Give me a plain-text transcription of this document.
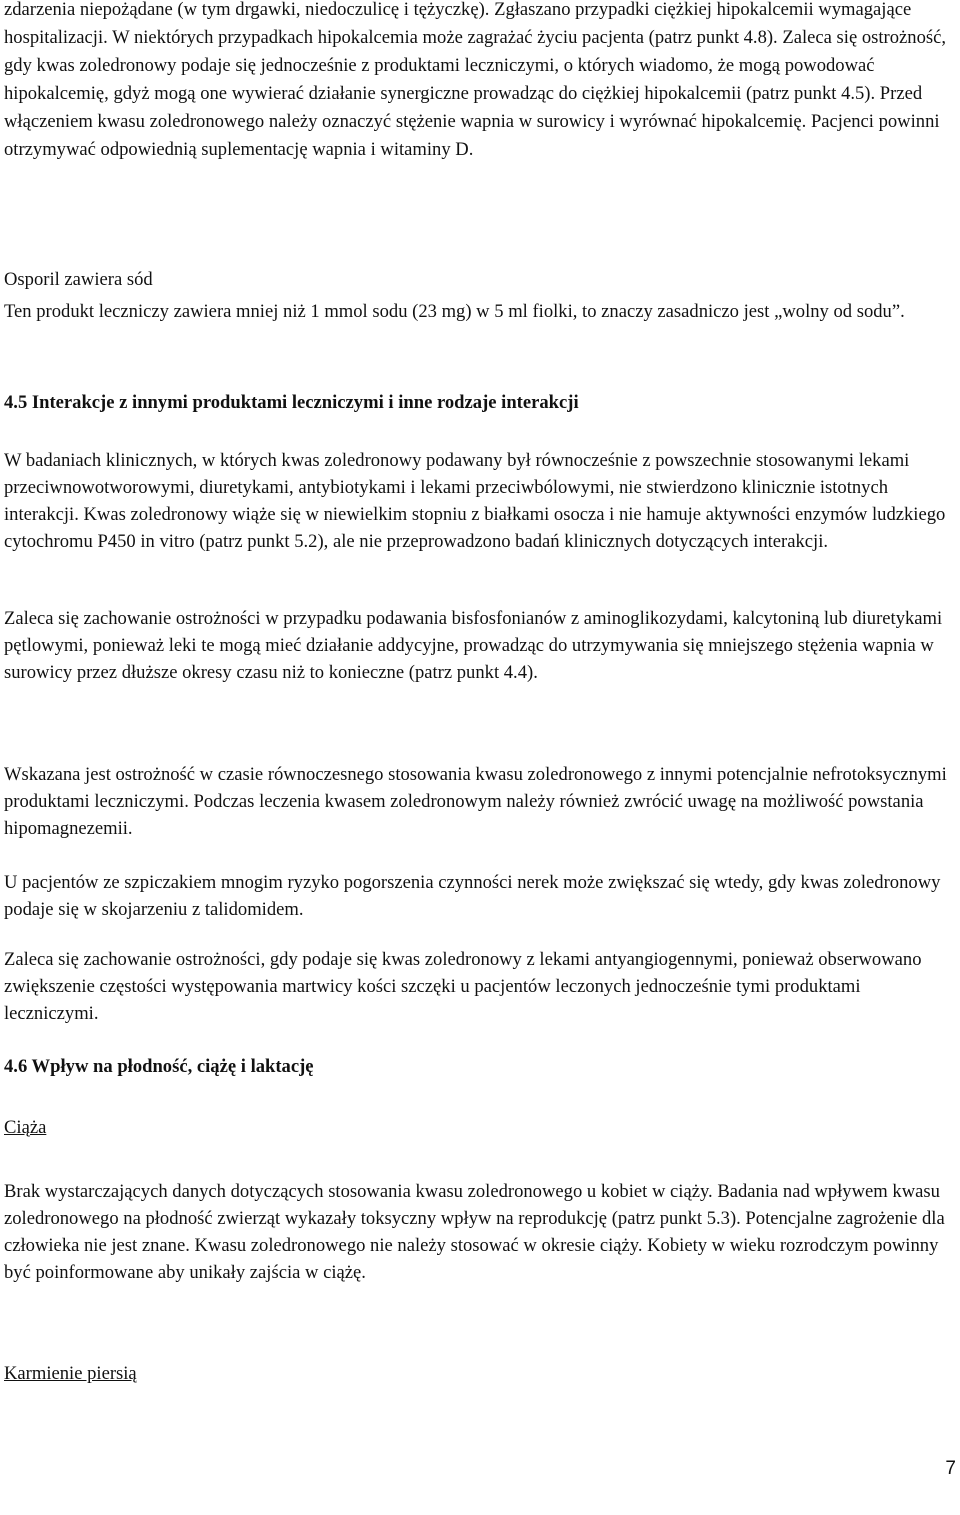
zdarzenia niepożądane (w tym drgawki, niedoczulicę i tężyczkę). Zgłaszano przypadki ciężkiej hipokalcemii wymagające hospitalizacji. W niektórych przypadkach hipokalcemia może zagrażać życiu pacjenta (patrz punkt 4.8). Zaleca się ostrożność, gdy kwas zoledronowy podaje się jednocześnie z produktami leczniczymi, o których wiadomo, że mogą powodować hipokalcemię, gdyż mogą one wywierać działanie synergiczne prowadząc do ciężkiej hipokalcemii (patrz punkt 4.5). Przed włączeniem kwasu zoledronowego należy oznaczyć stężenie wapnia w surowicy i wyrównać hipokalcemię. Pacjenci powinni otrzymywać odpowiednią suplementację wapnia i witaminy D.

Osporil zawiera sód

Ten produkt leczniczy zawiera mniej niż 1 mmol sodu (23 mg) w 5 ml fiolki, to znaczy zasadniczo jest „wolny od sodu”.

4.5 Interakcje z innymi produktami leczniczymi i inne rodzaje interakcji

W badaniach klinicznych, w których kwas zoledronowy podawany był równocześnie z powszechnie stosowanymi lekami przeciwnowotworowymi, diuretykami, antybiotykami i lekami przeciwbólowymi, nie stwierdzono klinicznie istotnych interakcji. Kwas zoledronowy wiąże się w niewielkim stopniu z białkami osocza i nie hamuje aktywności enzymów ludzkiego cytochromu P450 in vitro (patrz punkt 5.2), ale nie przeprowadzono badań klinicznych dotyczących interakcji.

Zaleca się zachowanie ostrożności w przypadku podawania bisfosfonianów z aminoglikozydami, kalcytoniną lub diuretykami pętlowymi, ponieważ leki te mogą mieć działanie addycyjne, prowadząc do utrzymywania się mniejszego stężenia wapnia w surowicy przez dłuższe okresy czasu niż to konieczne (patrz punkt 4.4).

Wskazana jest ostrożność w czasie równoczesnego stosowania kwasu zoledronowego z innymi potencjalnie nefrotoksycznymi produktami leczniczymi. Podczas leczenia kwasem zoledronowym należy również zwrócić uwagę na możliwość powstania hipomagnezemii.

U pacjentów ze szpiczakiem mnogim ryzyko pogorszenia czynności nerek może zwiększać się wtedy, gdy kwas zoledronowy podaje się w skojarzeniu z talidomidem.

Zaleca się zachowanie ostrożności, gdy podaje się kwas zoledronowy z lekami antyangiogennymi, ponieważ obserwowano zwiększenie częstości występowania martwicy kości szczęki u pacjentów leczonych jednocześnie tymi produktami leczniczymi.

4.6 Wpływ na płodność, ciążę i laktację

Ciąża

Brak wystarczających danych dotyczących stosowania kwasu zoledronowego u kobiet w ciąży. Badania nad wpływem kwasu zoledronowego na płodność zwierząt wykazały toksyczny wpływ na reprodukcję (patrz punkt 5.3). Potencjalne zagrożenie dla człowieka nie jest znane. Kwasu zoledronowego nie należy stosować w okresie ciąży. Kobiety w wieku rozrodczym powinny być poinformowane aby unikały zajścia w ciążę.

Karmienie piersią

7
